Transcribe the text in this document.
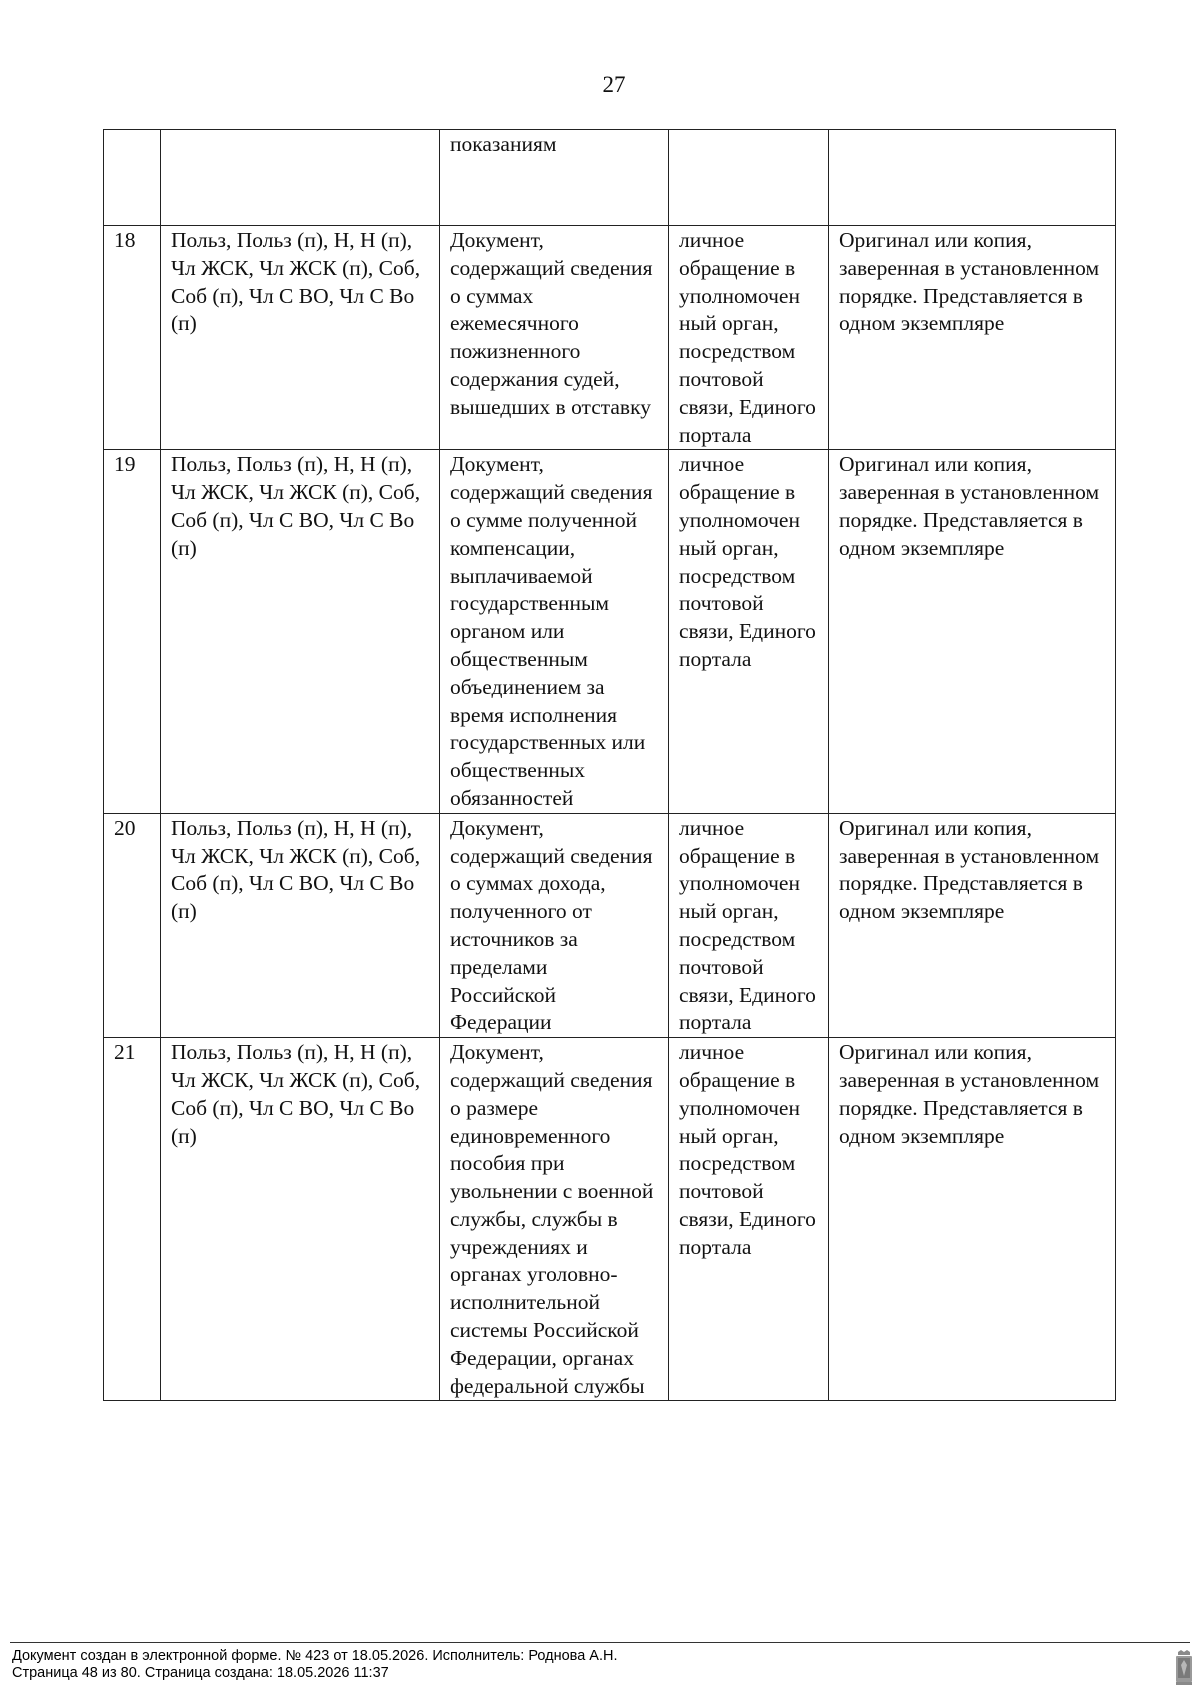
27
		показаниям		
18	Польз, Польз (п), Н, Н (п), Чл ЖСК, Чл ЖСК (п), Соб, Соб (п), Чл С ВО, Чл С Во (п)	Документ, содержащий сведения о суммах ежемесячного пожизненного содержания судей, вышедших в отставку	личное обращение в уполномочен ный орган, посредством почтовой связи, Единого портала	Оригинал или копия, заверенная в установленном порядке. Представляется в одном экземпляре
19	Польз, Польз (п), Н, Н (п), Чл ЖСК, Чл ЖСК (п), Соб, Соб (п), Чл С ВО, Чл С Во (п)	Документ, содержащий сведения о сумме полученной компенсации, выплачиваемой государственным органом или общественным объединением за время исполнения государственных или общественных обязанностей	личное обращение в уполномочен ный орган, посредством почтовой связи, Единого портала	Оригинал или копия, заверенная в установленном порядке. Представляется в одном экземпляре
20	Польз, Польз (п), Н, Н (п), Чл ЖСК, Чл ЖСК (п), Соб, Соб (п), Чл С ВО, Чл С Во (п)	Документ, содержащий сведения о суммах дохода, полученного от источников за пределами Российской Федерации	личное обращение в уполномочен ный орган, посредством почтовой связи, Единого портала	Оригинал или копия, заверенная в установленном порядке. Представляется в одном экземпляре
21	Польз, Польз (п), Н, Н (п), Чл ЖСК, Чл ЖСК (п), Соб, Соб (п), Чл С ВО, Чл С Во (п)	Документ, содержащий сведения о размере единовременного пособия при увольнении с военной службы, службы в учреждениях и органах уголовно-исполнительной системы Российской Федерации, органах федеральной службы	личное обращение в уполномочен ный орган, посредством почтовой связи, Единого портала	Оригинал или копия, заверенная в установленном порядке. Представляется в одном экземпляре
Документ создан в электронной форме. № 423 от 18.05.2026. Исполнитель: Роднова А.Н.
Страница 48 из 80. Страница создана: 18.05.2026 11:37
